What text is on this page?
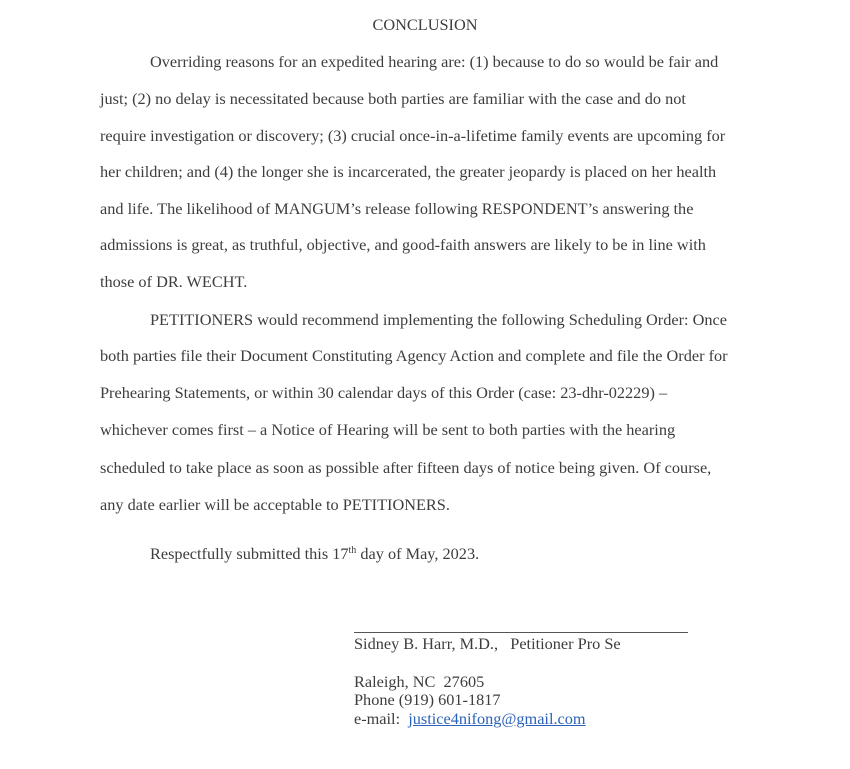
CONCLUSION
Overriding reasons for an expedited hearing are: (1) because to do so would be fair and
just; (2) no delay is necessitated because both parties are familiar with the case and do not
require investigation or discovery; (3) crucial once-in-a-lifetime family events are upcoming for
her children; and (4) the longer she is incarcerated, the greater jeopardy is placed on her health
and life. The likelihood of MANGUM’s release following RESPONDENT’s answering the
admissions is great, as truthful, objective, and good-faith answers are likely to be in line with
those of DR. WECHT.
PETITIONERS would recommend implementing the following Scheduling Order: Once
both parties file their Document Constituting Agency Action and complete and file the Order for
Prehearing Statements, or within 30 calendar days of this Order (case: 23-dhr-02229) –
whichever comes first – a Notice of Hearing will be sent to both parties with the hearing
scheduled to take place as soon as possible after fifteen days of notice being given. Of course,
any date earlier will be acceptable to PETITIONERS.
Respectfully submitted this 17th day of May, 2023.
Sidney B. Harr, M.D.,   Petitioner Pro Se
Raleigh, NC  27605
Phone (919) 601-1817
e-mail:  justice4nifong@gmail.com
